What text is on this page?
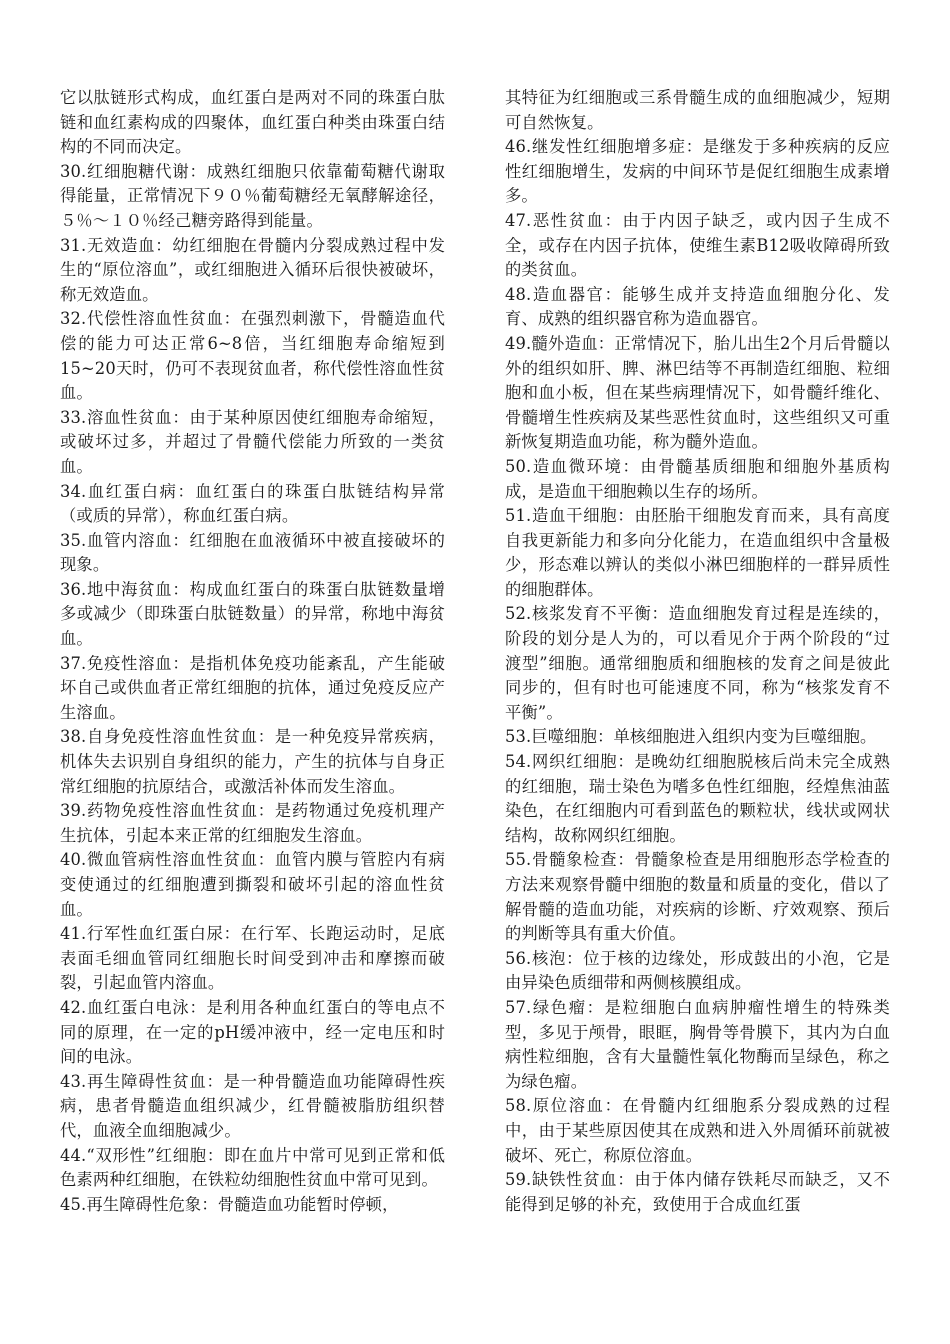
它以肽链形式构成，血红蛋白是两对不同的珠蛋白肽链和血红素构成的四聚体，血红蛋白种类由珠蛋白结构的不同而决定。

30.红细胞糖代谢：成熟红细胞只依靠葡萄糖代谢取得能量，正常情况下９０％葡萄糖经无氧酵解途径，５％～１０％经己糖旁路得到能量。

31.无效造血：幼红细胞在骨髓内分裂成熟过程中发生的“原位溶血”，或红细胞进入循环后很快被破坏，称无效造血。

32.代偿性溶血性贫血：在强烈刺激下，骨髓造血代偿的能力可达正常6~8倍，当红细胞寿命缩短到15~20天时，仍可不表现贫血者，称代偿性溶血性贫血。

33.溶血性贫血：由于某种原因使红细胞寿命缩短，或破坏过多，并超过了骨髓代偿能力所致的一类贫血。

34.血红蛋白病：血红蛋白的珠蛋白肽链结构异常（或质的异常），称血红蛋白病。

35.血管内溶血：红细胞在血液循环中被直接破坏的现象。

36.地中海贫血：构成血红蛋白的珠蛋白肽链数量增多或减少（即珠蛋白肽链数量）的异常，称地中海贫血。

37.免疫性溶血：是指机体免疫功能紊乱，产生能破坏自己或供血者正常红细胞的抗体，通过免疫反应产生溶血。

38.自身免疫性溶血性贫血：是一种免疫异常疾病，机体失去识别自身组织的能力，产生的抗体与自身正常红细胞的抗原结合，或激活补体而发生溶血。

39.药物免疫性溶血性贫血：是药物通过免疫机理产生抗体，引起本来正常的红细胞发生溶血。

40.微血管病性溶血性贫血：血管内膜与管腔内有病变使通过的红细胞遭到撕裂和破坏引起的溶血性贫血。

41.行军性血红蛋白尿：在行军、长跑运动时，足底表面毛细血管同红细胞长时间受到冲击和摩擦而破裂，引起血管内溶血。

42.血红蛋白电泳：是利用各种血红蛋白的等电点不同的原理，在一定的pH缓冲液中，经一定电压和时间的电泳。

43.再生障碍性贫血：是一种骨髓造血功能障碍性疾病，患者骨髓造血组织减少，红骨髓被脂肪组织替代，血液全血细胞减少。

44.“双形性”红细胞：即在血片中常可见到正常和低色素两种红细胞，在铁粒幼细胞性贫血中常可见到。

45.再生障碍性危象：骨髓造血功能暂时停顿，

其特征为红细胞或三系骨髓生成的血细胞减少，短期可自然恢复。

46.继发性红细胞增多症：是继发于多种疾病的反应性红细胞增生，发病的中间环节是促红细胞生成素增多。

47.恶性贫血：由于内因子缺乏，或内因子生成不全，或存在内因子抗体，使维生素B12吸收障碍所致的类贫血。

48.造血器官：能够生成并支持造血细胞分化、发育、成熟的组织器官称为造血器官。

49.髓外造血：正常情况下，胎儿出生2个月后骨髓以外的组织如肝、脾、淋巴结等不再制造红细胞、粒细胞和血小板，但在某些病理情况下，如骨髓纤维化、骨髓增生性疾病及某些恶性贫血时，这些组织又可重新恢复期造血功能，称为髓外造血。

50.造血微环境：由骨髓基质细胞和细胞外基质构成，是造血干细胞赖以生存的场所。

51.造血干细胞：由胚胎干细胞发育而来，具有高度自我更新能力和多向分化能力，在造血组织中含量极少，形态难以辨认的类似小淋巴细胞样的一群异质性的细胞群体。

52.核浆发育不平衡：造血细胞发育过程是连续的，阶段的划分是人为的，可以看见介于两个阶段的“过渡型”细胞。通常细胞质和细胞核的发育之间是彼此同步的，但有时也可能速度不同，称为“核浆发育不平衡”。

53.巨噬细胞：单核细胞进入组织内变为巨噬细胞。

54.网织红细胞：是晚幼红细胞脱核后尚未完全成熟的红细胞，瑞士染色为嗜多色性红细胞，经煌焦油蓝染色，在红细胞内可看到蓝色的颗粒状，线状或网状结构，故称网织红细胞。

55.骨髓象检查：骨髓象检查是用细胞形态学检查的方法来观察骨髓中细胞的数量和质量的变化，借以了解骨髓的造血功能，对疾病的诊断、疗效观察、预后的判断等具有重大价值。

56.核泡：位于核的边缘处，形成鼓出的小泡，它是由异染色质细带和两侧核膜组成。

57.绿色瘤：是粒细胞白血病肿瘤性增生的特殊类型，多见于颅骨，眼眶，胸骨等骨膜下，其内为白血病性粒细胞，含有大量髓性氧化物酶而呈绿色，称之为绿色瘤。

58.原位溶血：在骨髓内红细胞系分裂成熟的过程中，由于某些原因使其在成熟和进入外周循环前就被破坏、死亡，称原位溶血。

59.缺铁性贫血：由于体内储存铁耗尽而缺乏，又不能得到足够的补充，致使用于合成血红蛋
